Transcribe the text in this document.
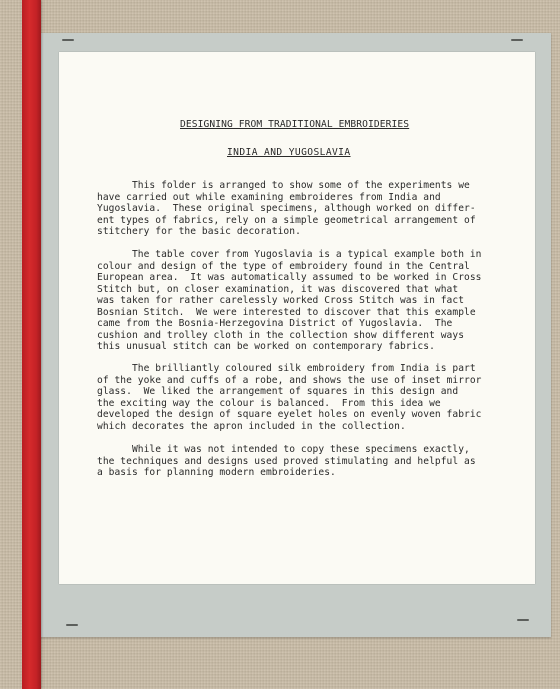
DESIGNING FROM TRADITIONAL EMBROIDERIES
INDIA AND YUGOSLAVIA
This folder is arranged to show some of the experiments we
have carried out while examining embroideres from India and
Yugoslavia.  These original specimens, although worked on differ-
ent types of fabrics, rely on a simple geometrical arrangement of
stitchery for the basic decoration.
The table cover from Yugoslavia is a typical example both in
colour and design of the type of embroidery found in the Central
European area.  It was automatically assumed to be worked in Cross
Stitch but, on closer examination, it was discovered that what
was taken for rather carelessly worked Cross Stitch was in fact
Bosnian Stitch.  We were interested to discover that this example
came from the Bosnia-Herzegovina District of Yugoslavia.  The
cushion and trolley cloth in the collection show different ways
this unusual stitch can be worked on contemporary fabrics.
The brilliantly coloured silk embroidery from India is part
of the yoke and cuffs of a robe, and shows the use of inset mirror
glass.  We liked the arrangement of squares in this design and
the exciting way the colour is balanced.  From this idea we
developed the design of square eyelet holes on evenly woven fabric
which decorates the apron included in the collection.
While it was not intended to copy these specimens exactly,
the techniques and designs used proved stimulating and helpful as
a basis for planning modern embroideries.
